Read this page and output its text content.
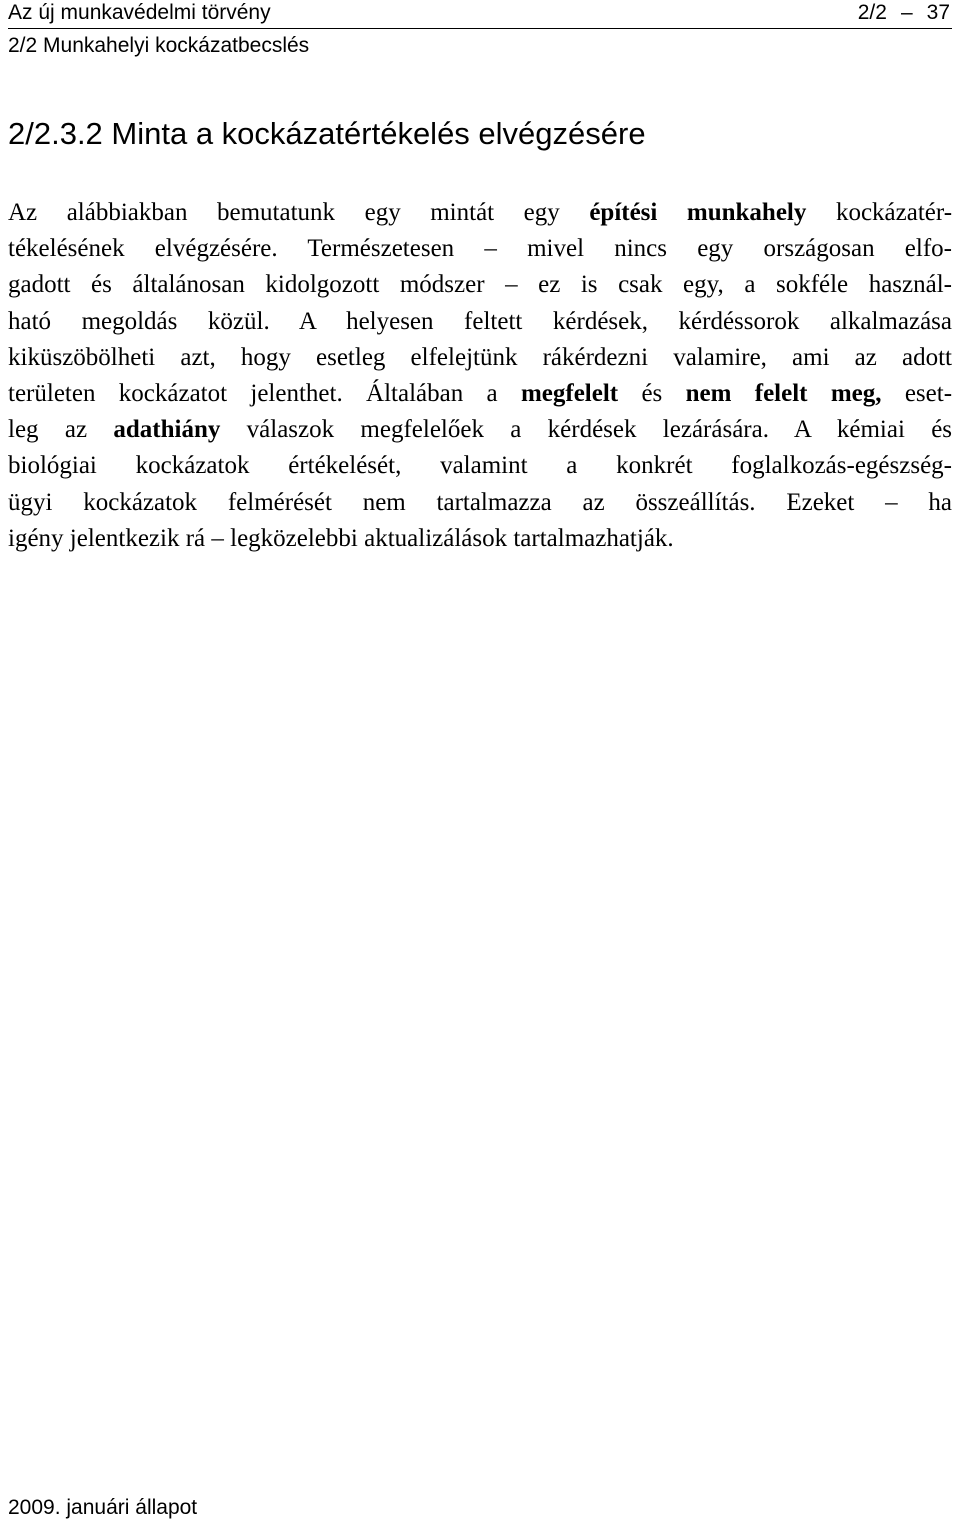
Az új munkavédelmi törvény	2/2 – 37
2/2 Munkahelyi kockázatbecslés
2/2.3.2 Minta a kockázatértékelés elvégzésére

Az alábbiakban bemutatunk egy mintát egy építési munkahely kockázatér-
tékelésének elvégzésére. Természetesen – mivel nincs egy országosan elfo-
gadott és általánosan kidolgozott módszer – ez is csak egy, a sokféle használ-
ható megoldás közül. A helyesen feltett kérdések, kérdéssorok alkalmazása
kiküszöbölheti azt, hogy esetleg elfelejtünk rákérdezni valamire, ami az adott
területen kockázatot jelenthet. Általában a megfelelt és nem felelt meg, eset-
leg az adathiány válaszok megfelelőek a kérdések lezárására. A kémiai és
biológiai kockázatok értékelését, valamint a konkrét foglalkozás-egészség-
ügyi kockázatok felmérését nem tartalmazza az összeállítás. Ezeket – ha
igény jelentkezik rá – legközelebbi aktualizálások tartalmazhatják.

2009. januári állapot
